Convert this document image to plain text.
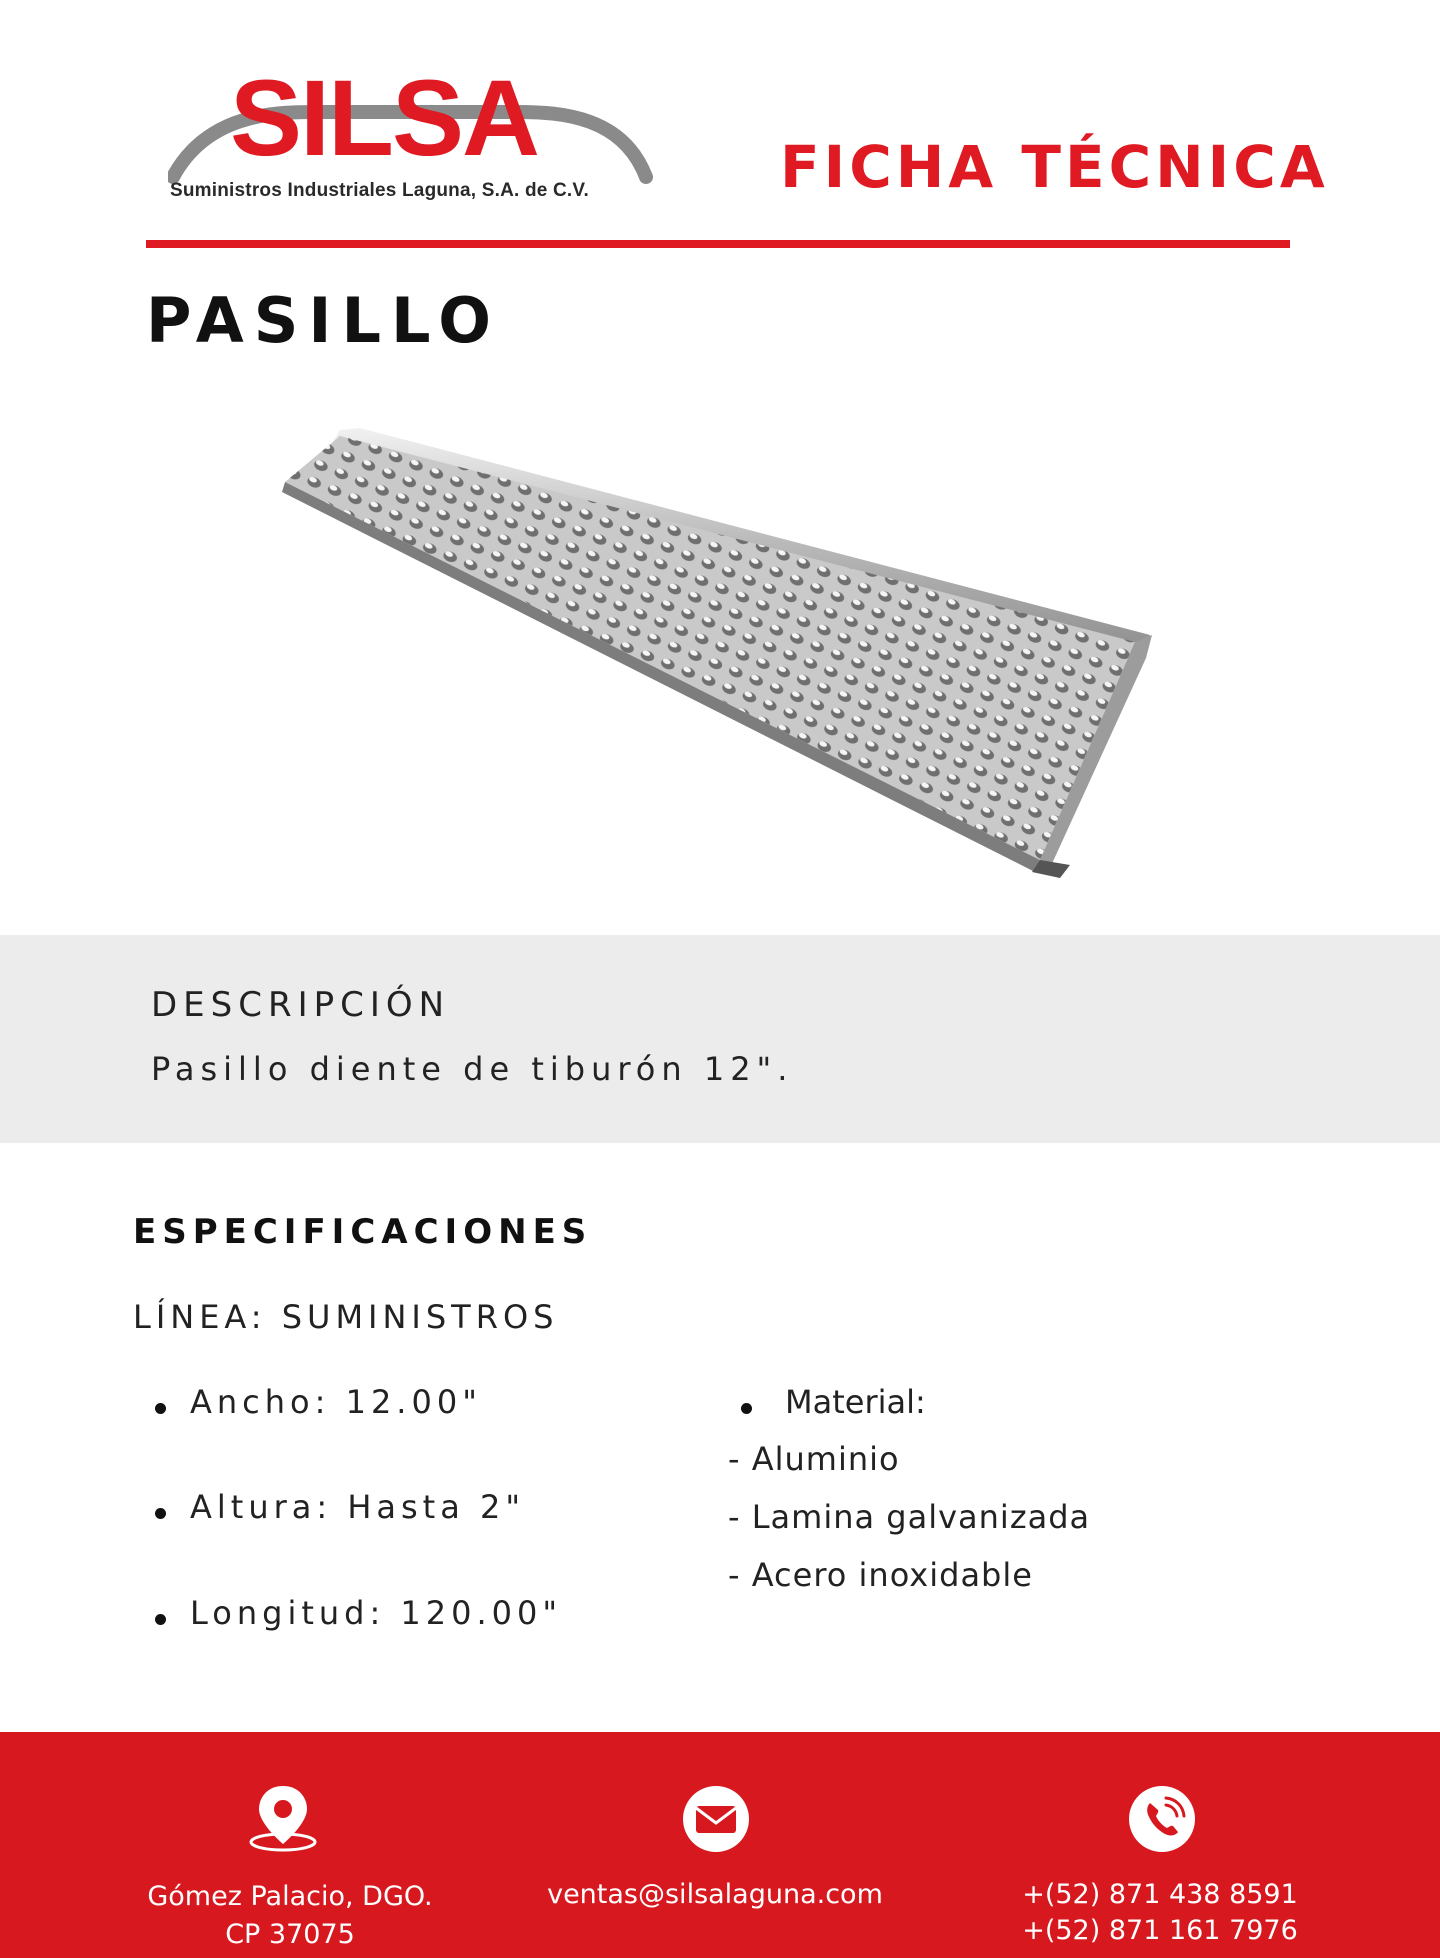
SILSA
Suministros Industriales Laguna, S.A. de C.V.	FICHA TÉCNICA
PASILLO
DESCRIPCIÓN
Pasillo diente de tiburón 12".
ESPECIFICACIONES
LÍNEA: SUMINISTROS
Ancho: 12.00"
Altura: Hasta 2"
Longitud: 120.00"
Material:
- Aluminio
- Lamina galvanizada
- Acero inoxidable
Gómez Palacio, DGO.
CP 37075
ventas@silsalaguna.com	+(52) 871 438 8591
+(52) 871 161 7976
